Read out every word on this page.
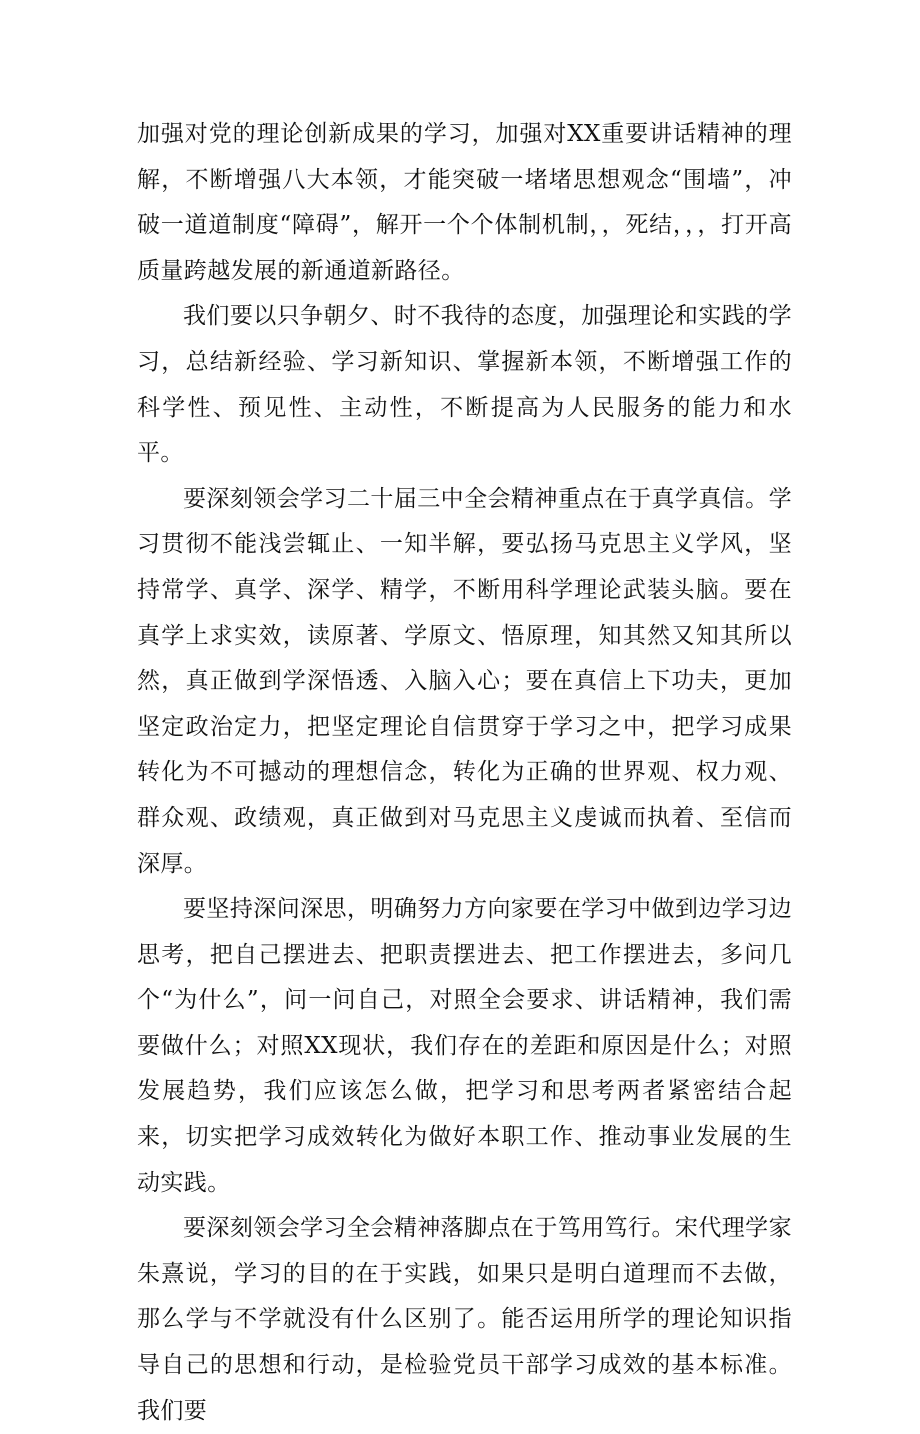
加强对党的理论创新成果的学习，加强对XX重要讲话精神的理解，不断增强八大本领，才能突破一堵堵思想观念“围墙”，冲破一道道制度“障碍”，解开一个个体制机制，，死结，，，打开高质量跨越发展的新通道新路径。

我们要以只争朝夕、时不我待的态度，加强理论和实践的学习，总结新经验、学习新知识、掌握新本领，不断增强工作的科学性、预见性、主动性，不断提高为人民服务的能力和水平。

要深刻领会学习二十届三中全会精神重点在于真学真信。学习贯彻不能浅尝辄止、一知半解，要弘扬马克思主义学风，坚持常学、真学、深学、精学，不断用科学理论武装头脑。要在真学上求实效，读原著、学原文、悟原理，知其然又知其所以然，真正做到学深悟透、入脑入心；要在真信上下功夫，更加坚定政治定力，把坚定理论自信贯穿于学习之中，把学习成果转化为不可撼动的理想信念，转化为正确的世界观、权力观、群众观、政绩观，真正做到对马克思主义虔诚而执着、至信而深厚。

要坚持深问深思，明确努力方向家要在学习中做到边学习边思考，把自己摆进去、把职责摆进去、把工作摆进去，多问几个“为什么”，问一问自己，对照全会要求、讲话精神，我们需要做什么；对照XX现状，我们存在的差距和原因是什么；对照发展趋势，我们应该怎么做，把学习和思考两者紧密结合起来，切实把学习成效转化为做好本职工作、推动事业发展的生动实践。

要深刻领会学习全会精神落脚点在于笃用笃行。宋代理学家朱熹说，学习的目的在于实践，如果只是明白道理而不去做，那么学与不学就没有什么区别了。能否运用所学的理论知识指导自己的思想和行动，是检验党员干部学习成效的基本标准。我们要
